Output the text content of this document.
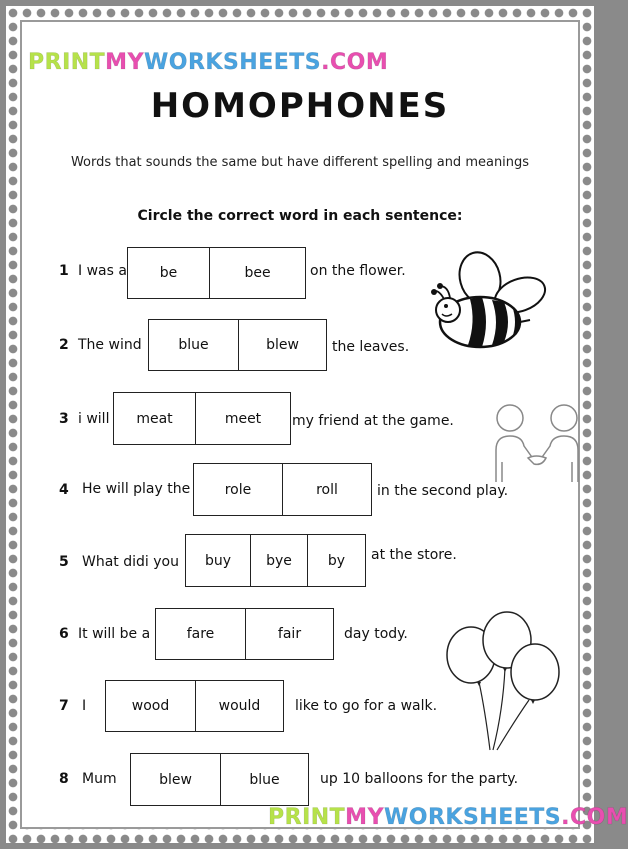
PRINTMYWORKSHEETS.COM
HOMOPHONES
Words that sounds the same but have different spelling and meanings
Circle the correct word in each sentence:
1 I was a	be	bee	on the flower.
2 The wind	blue	blew	the leaves.
3 i will	meat	meet	my friend at the game.
4 He will play the	role	roll	in the second play.
5 What didi you	buy	bye	by	at the store.
6 It will be a	fare	fair	day tody.
7 I	wood	would	like to go for a walk.
8 Mum	blew	blue	up 10 balloons for the party.
PRINTMYWORKSHEETS.COM
